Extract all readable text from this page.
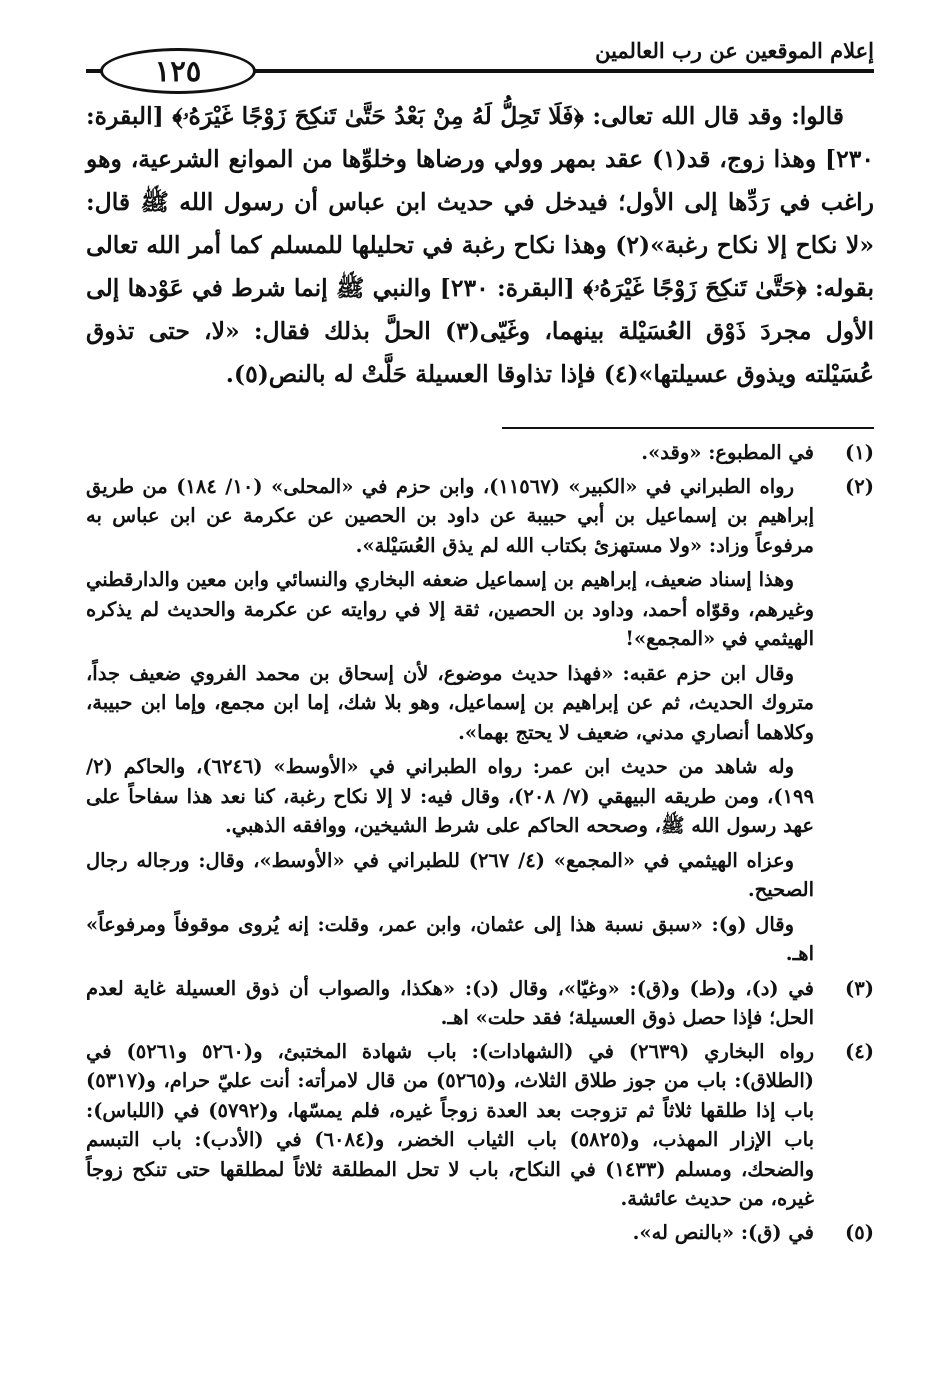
إعلام الموقعين عن رب العالمين
١٢٥

قالوا: وقد قال الله تعالى: ﴿فَلَا تَحِلُّ لَهُ مِنْ بَعْدُ حَتَّىٰ تَنكِحَ زَوْجًا غَيْرَهُۥ﴾ [البقرة: ٢٣٠] وهذا زوج، قد(١) عقد بمهر وولي ورضاها وخلوِّها من الموانع الشرعية، وهو راغب في رَدِّها إلى الأول؛ فيدخل في حديث ابن عباس أن رسول الله ﷺ قال: «لا نكاح إلا نكاح رغبة»(٢) وهذا نكاح رغبة في تحليلها للمسلم كما أمر الله تعالى بقوله: ﴿حَتَّىٰ تَنكِحَ زَوْجًا غَيْرَهُۥ﴾ [البقرة: ٢٣٠] والنبي ﷺ إنما شرط في عَوْدها إلى الأول مجردَ ذَوْق العُسَيْلة بينهما، وغَيّى(٣) الحلَّ بذلك فقال: «لا، حتى تذوق عُسَيْلته ويذوق عسيلتها»(٤) فإذا تذاوقا العسيلة حَلَّتْ له بالنص(٥).

(١)

في المطبوع: «وقد».

(٢)

رواه الطبراني في «الكبير» (١١٥٦٧)، وابن حزم في «المحلى» (١٠/ ١٨٤) من طريق إبراهيم بن إسماعيل بن أبي حبيبة عن داود بن الحصين عن عكرمة عن ابن عباس به مرفوعاً وزاد: «ولا مستهزئ بكتاب الله لم يذق العُسَيْلة».

وهذا إسناد ضعيف، إبراهيم بن إسماعيل ضعفه البخاري والنسائي وابن معين والدارقطني وغيرهم، وقوّاه أحمد، وداود بن الحصين، ثقة إلا في روايته عن عكرمة والحديث لم يذكره الهيثمي في «المجمع»!

وقال ابن حزم عقبه: «فهذا حديث موضوع، لأن إسحاق بن محمد الفروي ضعيف جداً، متروك الحديث، ثم عن إبراهيم بن إسماعيل، وهو بلا شك، إما ابن مجمع، وإما ابن حبيبة، وكلاهما أنصاري مدني، ضعيف لا يحتج بهما».

وله شاهد من حديث ابن عمر: رواه الطبراني في «الأوسط» (٦٢٤٦)، والحاكم (٢/ ١٩٩)، ومن طريقه البيهقي (٧/ ٢٠٨)، وقال فيه: لا إلا نكاح رغبة، كنا نعد هذا سفاحاً على عهد رسول الله ﷺ، وصححه الحاكم على شرط الشيخين، ووافقه الذهبي.

وعزاه الهيثمي في «المجمع» (٤/ ٢٦٧) للطبراني في «الأوسط»، وقال: ورجاله رجال الصحيح.

وقال (و): «سبق نسبة هذا إلى عثمان، وابن عمر، وقلت: إنه يُروى موقوفاً ومرفوعاً» اهـ.

(٣)

في (د)، و(ط) و(ق): «وغيّا»، وقال (د): «هكذا، والصواب أن ذوق العسيلة غاية لعدم الحل؛ فإذا حصل ذوق العسيلة؛ فقد حلت» اهـ.

(٤)

رواه البخاري (٢٦٣٩) في (الشهادات): باب شهادة المختبئ، و(٥٢٦٠ و٥٢٦١) في (الطلاق): باب من جوز طلاق الثلاث، و(٥٢٦٥) من قال لامرأته: أنت عليّ حرام، و(٥٣١٧) باب إذا طلقها ثلاثاً ثم تزوجت بعد العدة زوجاً غيره، فلم يمسّها، و(٥٧٩٢) في (اللباس): باب الإزار المهذب، و(٥٨٢٥) باب الثياب الخضر، و(٦٠٨٤) في (الأدب): باب التبسم والضحك، ومسلم (١٤٣٣) في النكاح، باب لا تحل المطلقة ثلاثاً لمطلقها حتى تنكح زوجاً غيره، من حديث عائشة.

(٥)

في (ق): «بالنص له».
